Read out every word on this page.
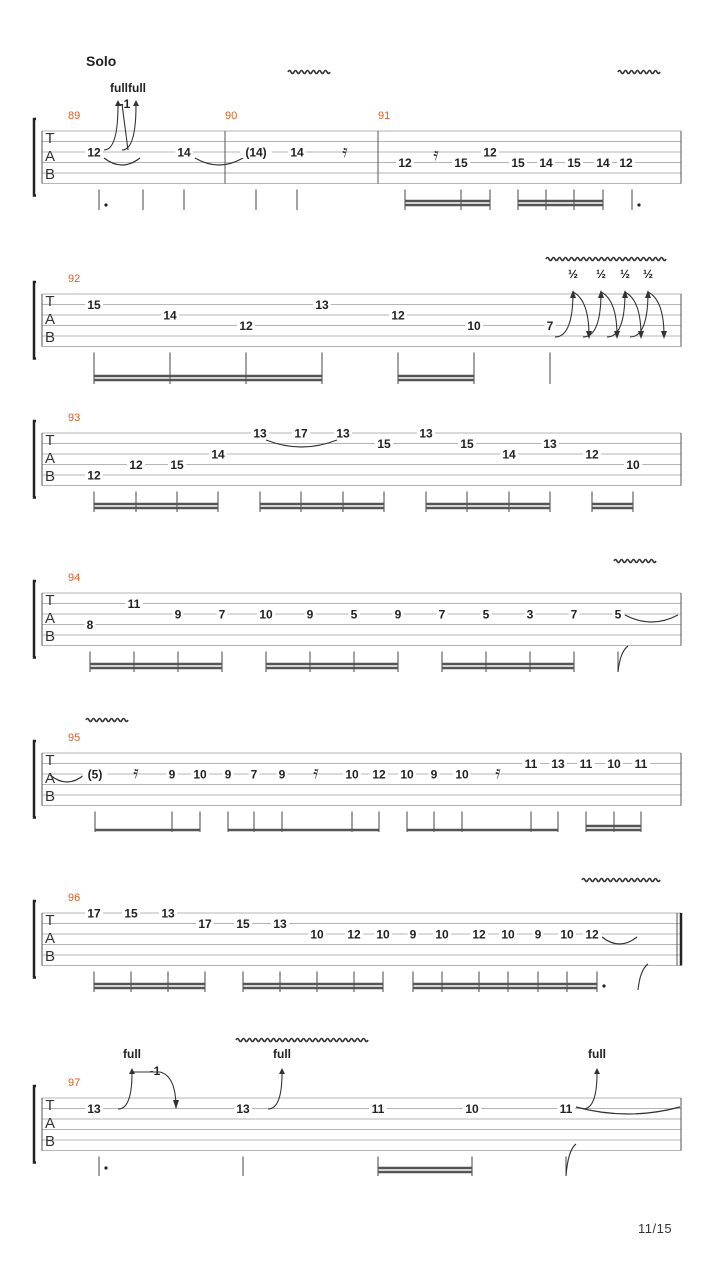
Solo
T
A
B
89	90	91
𝄿	𝄿
12	14	(14) 14
12	15
12
15 14 15 14 12
fullfull
-1
T
A
B
92
15
14
12
13
12
10	7
½ ½ ½ ½
T
A
B
93
12
12 15
14
13 17 13
15
13
15
14
13
12
10
T
A
B
94
8
11
9	7	10	9	5	9	7	5	3	7	5
T
A
B
95
𝄿	𝄿	𝄿
(5)	9 10 9 7 9	10 12 10 9 10
11 13 11 10 11
T
A
B
96
17 15 13
17 15 13
10 12 10 9 10 12 10 9 10 12
T
A
B
97
13	13	11	10	11
full
-1
full	full
11/15
